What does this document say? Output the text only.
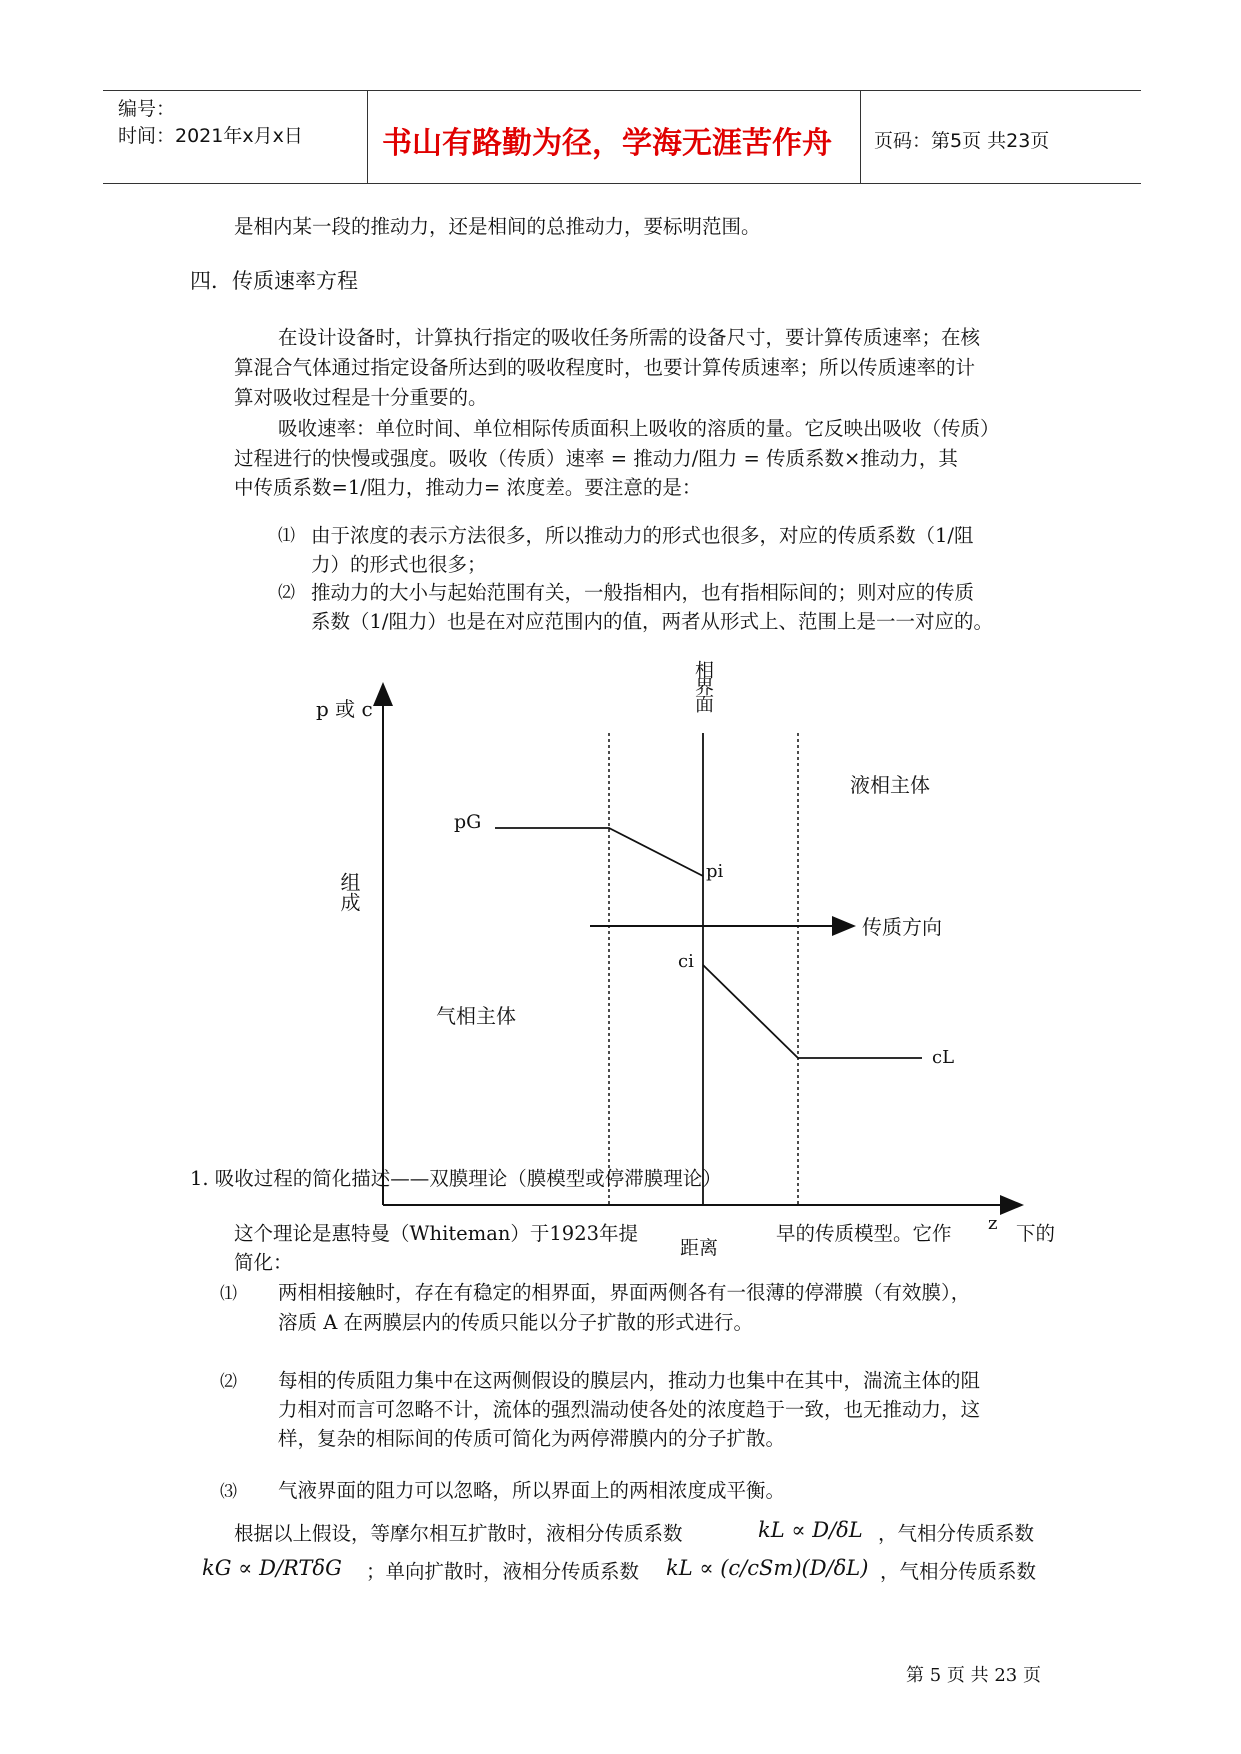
编号：
时间：2021年x月x日	书山有路勤为径，学海无涯苦作舟	页码：第5页 共23页
是相内某一段的推动力，还是相间的总推动力，要标明范围。
四．传质速率方程
在设计设备时，计算执行指定的吸收任务所需的设备尺寸，要计算传质速率；在核
算混合气体通过指定设备所达到的吸收程度时，也要计算传质速率；所以传质速率的计
算对吸收过程是十分重要的。
吸收速率：单位时间、单位相际传质面积上吸收的溶质的量。它反映出吸收（传质）
过程进行的快慢或强度。吸收（传质）速率 = 推动力/阻力 = 传质系数×推动力，其
中传质系数=1/阻力，推动力= 浓度差。要注意的是：
⑴ 由于浓度的表示方法很多，所以推动力的形式也很多，对应的传质系数（1/阻
力）的形式也很多；
⑵ 推动力的大小与起始范围有关，一般指相内，也有指相际间的；则对应的传质
系数（1/阻力）也是在对应范围内的值，两者从形式上、范围上是一一对应的。
p 或 c
z
距离
液相主体
气相主体
传质方向
pG
pi
ci
cL
相界面
组成
1. 吸收过程的简化描述——双膜理论（膜模型或停滞膜理论）
这个理论是惠特曼（Whiteman）于1923年提	早的传质模型。它作	下的
简化：
⑴ 两相相接触时，存在有稳定的相界面，界面两侧各有一很薄的停滞膜（有效膜），
溶质 A 在两膜层内的传质只能以分子扩散的形式进行。
⑵ 每相的传质阻力集中在这两侧假设的膜层内，推动力也集中在其中，湍流主体的阻
力相对而言可忽略不计，流体的强烈湍动使各处的浓度趋于一致，也无推动力，这
样，复杂的相际间的传质可简化为两停滞膜内的分子扩散。
⑶ 气液界面的阻力可以忽略，所以界面上的两相浓度成平衡。
根据以上假设，等摩尔相互扩散时，液相分传质系数	kL ∝ D/δL ，气相分传质系数
kG ∝ D/RTδG ；单向扩散时，液相分传质系数 kL ∝ (c/cSm)(D/δL) ，气相分传质系数
第 5 页 共 23 页
